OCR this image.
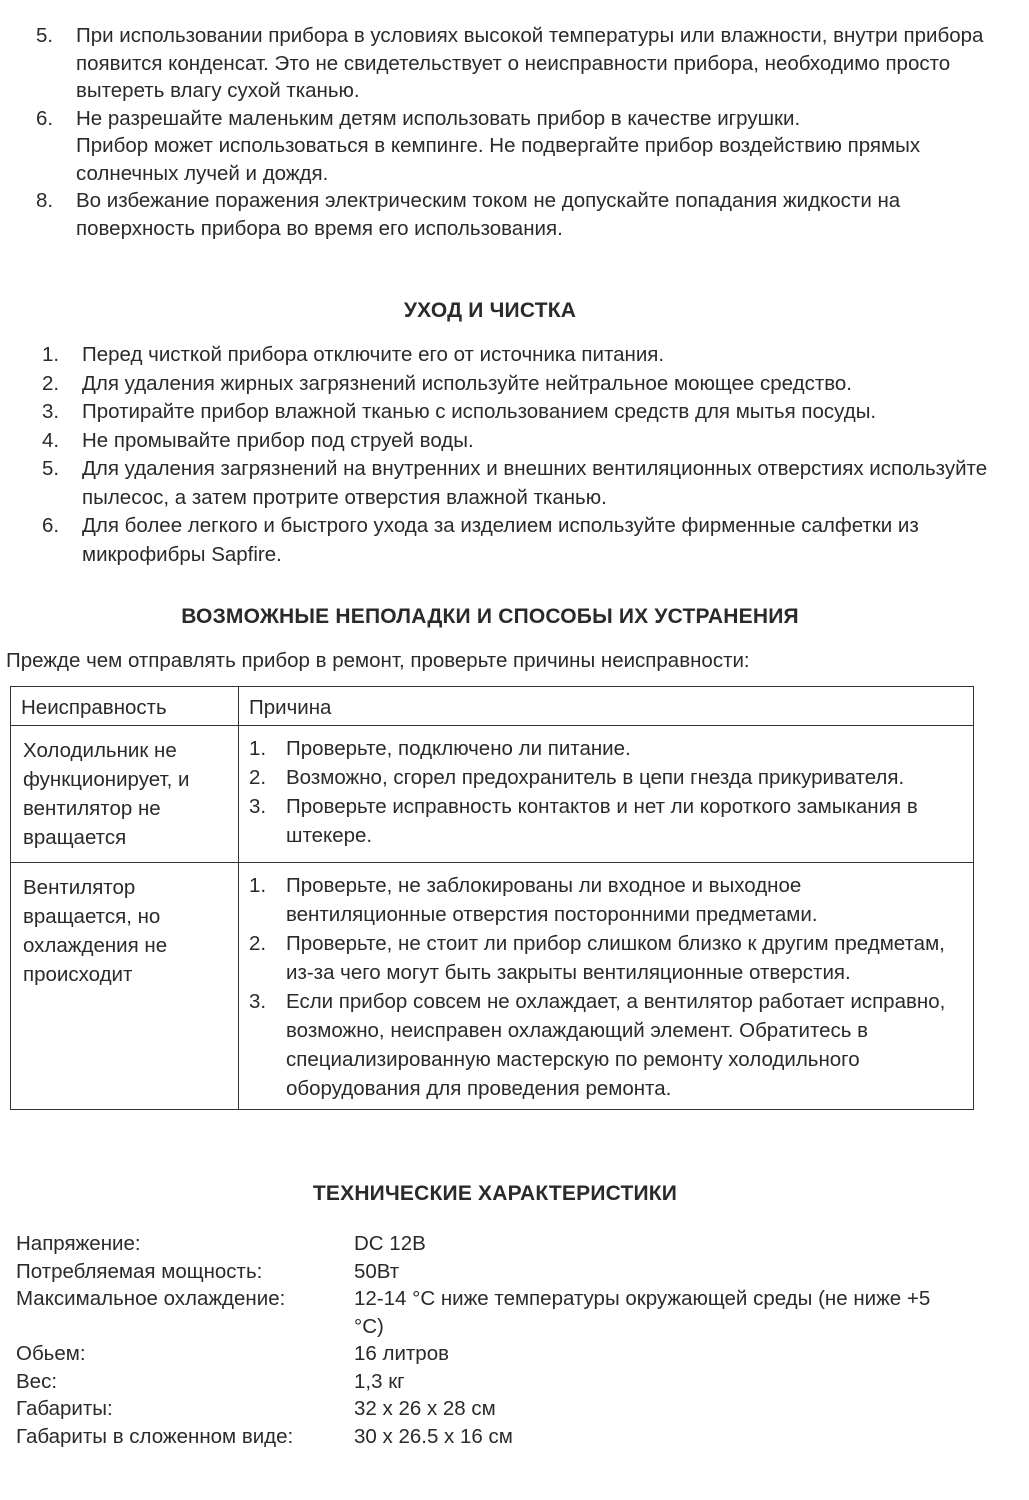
5.	При использовании прибора в условиях высокой температуры или влажности, внутри прибора появится конденсат. Это не свидетельствует о неисправности прибора, необходимо просто вытереть влагу сухой тканью.
6.	Не разрешайте маленьким детям использовать прибор в качестве игрушки.
Прибор может использоваться в кемпинге. Не подвергайте прибор воздействию прямых солнечных лучей и дождя.
8.	Во избежание поражения электрическим током не допускайте попадания жидкости на поверхность прибора во время его использования.
УХОД И ЧИСТКА
1.	Перед чисткой прибора отключите его от источника питания.
2.	Для удаления жирных загрязнений используйте нейтральное моющее средство.
3.	Протирайте прибор влажной тканью с использованием средств для мытья посуды.
4.	Не промывайте прибор под струей воды.
5.	Для удаления загрязнений на внутренних и внешних вентиляционных отверстиях используйте пылесос, а затем протрите отверстия влажной тканью.
6.	Для более легкого и быстрого ухода за изделием используйте фирменные салфетки из микрофибры Sapfire.
ВОЗМОЖНЫЕ НЕПОЛАДКИ И СПОСОБЫ ИХ УСТРАНЕНИЯ
Прежде чем отправлять прибор в ремонт, проверьте причины неисправности:
Неисправность	Причина
Холодильник не функционирует, и вентилятор не вращается	
1. Проверьте, подключено ли питание.
2. Возможно, сгорел предохранитель в цепи гнезда прикуривателя.
3. Проверьте исправность контактов и нет ли короткого замыкания в штекере.

Вентилятор вращается, но охлаждения не происходит	
1. Проверьте, не заблокированы ли входное и выходное вентиляционные отверстия посторонними предметами.
2. Проверьте, не стоит ли прибор слишком близко к другим предметам, из-за чего могут быть закрыты вентиляционные отверстия.
3. Если прибор совсем не охлаждает, а вентилятор работает исправно, возможно, неисправен охлаждающий элемент. Обратитесь в специализированную мастерскую по ремонту холодильного оборудования для проведения ремонта.
ТЕХНИЧЕСКИЕ ХАРАКТЕРИСТИКИ
Напряжение:	DC 12В
Потребляемая мощность:	50Вт
Максимальное охлаждение:	12-14 °С ниже температуры окружающей среды (не ниже +5 °С)
Обьем:	16 литров
Вес:	1,3 кг
Габариты:	32 х 26 х 28 см
Габариты в сложенном виде:	30 х 26.5 х 16 см
